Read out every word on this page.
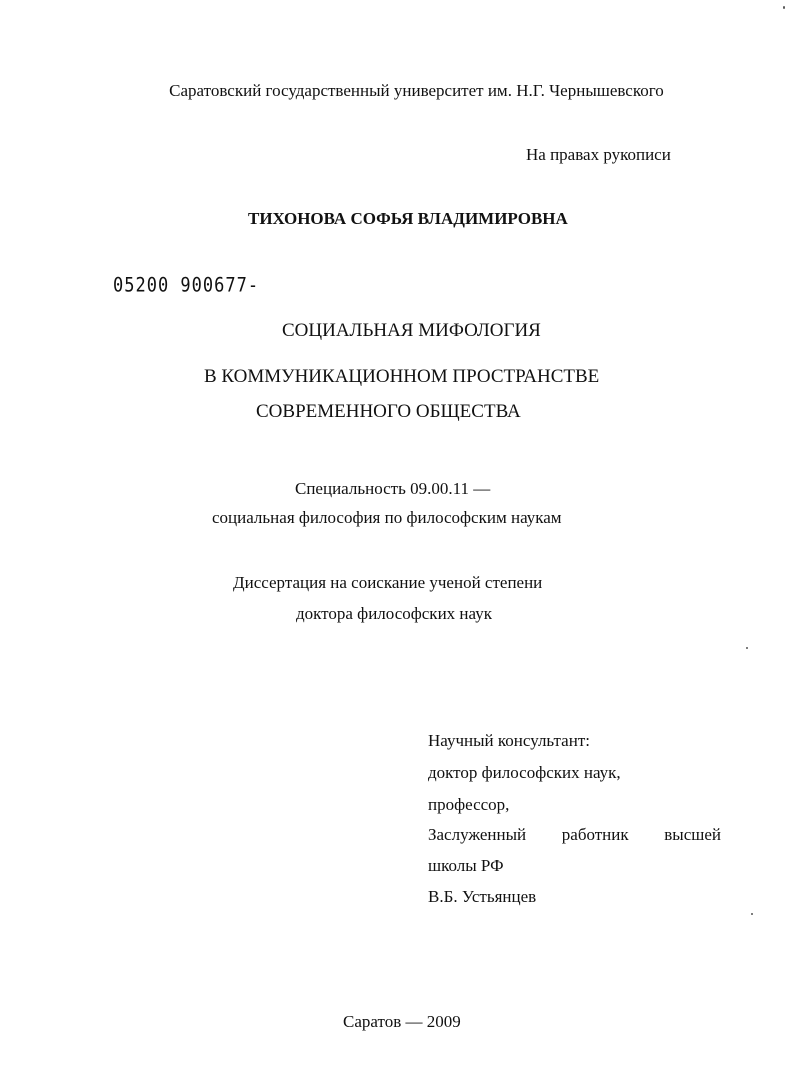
Саратовский государственный университет им. Н.Г. Чернышевского
На правах рукописи
ТИХОНОВА СОФЬЯ ВЛАДИМИРОВНА
05200 900677-
СОЦИАЛЬНАЯ МИФОЛОГИЯ
В КОММУНИКАЦИОННОМ ПРОСТРАНСТВЕ
СОВРЕМЕННОГО ОБЩЕСТВА
Специальность 09.00.11 —
социальная философия по философским наукам
Диссертация на соискание ученой степени
доктора философских наук
Научный консультант:
доктор философских наук,
профессор,
Заслуженный работник высшей
школы РФ
В.Б. Устьянцев
Саратов — 2009
